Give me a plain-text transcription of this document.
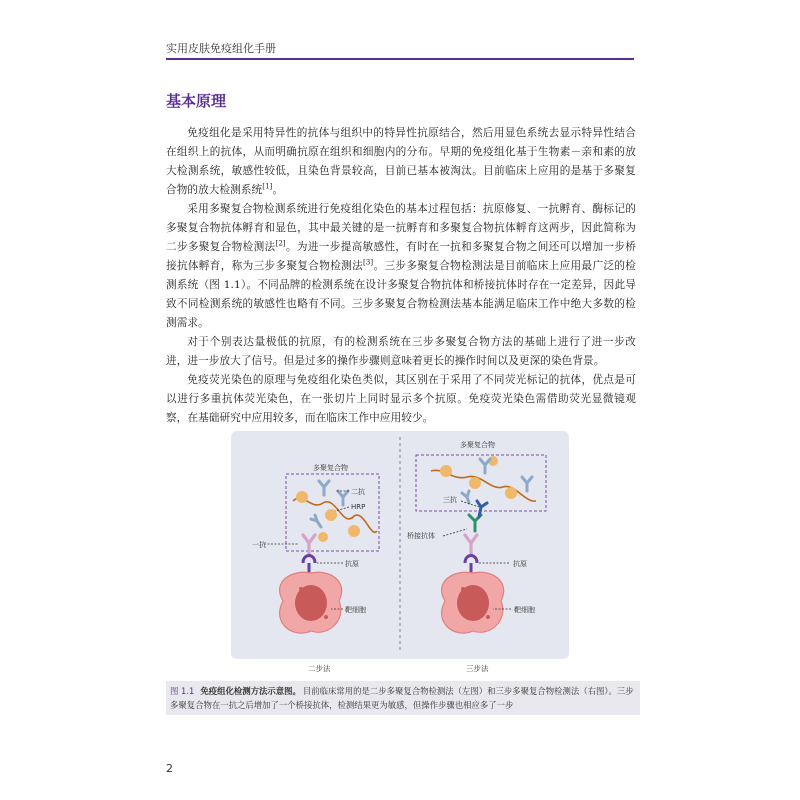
实用皮肤免疫组化手册
基本原理

免疫组化是采用特异性的抗体与组织中的特异性抗原结合，然后用显色系统去显示特异性结合在组织上的抗体，从而明确抗原在组织和细胞内的分布。早期的免疫组化基于生物素－亲和素的放大检测系统，敏感性较低，且染色背景较高，目前已基本被淘汰。目前临床上应用的是基于多聚复合物的放大检测系统[1]。

采用多聚复合物检测系统进行免疫组化染色的基本过程包括：抗原修复、一抗孵育、酶标记的多聚复合物抗体孵育和显色，其中最关键的是一抗孵育和多聚复合物抗体孵育这两步，因此简称为二步多聚复合物检测法[2]。为进一步提高敏感性，有时在一抗和多聚复合物之间还可以增加一步桥接抗体孵育，称为三步多聚复合物检测法[3]。三步多聚复合物检测法是目前临床上应用最广泛的检测系统（图 1.1）。不同品牌的检测系统在设计多聚复合物抗体和桥接抗体时存在一定差异，因此导致不同检测系统的敏感性也略有不同。三步多聚复合物检测法基本能满足临床工作中绝大多数的检测需求。

对于个别表达量极低的抗原，有的检测系统在三步多聚复合物方法的基础上进行了进一步改进，进一步放大了信号。但是过多的操作步骤则意味着更长的操作时间以及更深的染色背景。

免疫荧光染色的原理与免疫组化染色类似，其区别在于采用了不同荧光标记的抗体，优点是可以进行多重抗体荧光染色，在一张切片上同时显示多个抗原。免疫荧光染色需借助荧光显微镜观察，在基础研究中应用较多，而在临床工作中应用较少。

多聚复合物
二抗
HRP
一抗
抗原
靶细胞
多聚复合物
三抗
桥接抗体
抗原
靶细胞
二步法	三步法
图 1.1 免疫组化检测方法示意图。 目前临床常用的是二步多聚复合物检测法（左图）和三步多聚复合物检测法（右图）。三步多聚复合物在一抗之后增加了一个桥接抗体，检测结果更为敏感，但操作步骤也相应多了一步
2
